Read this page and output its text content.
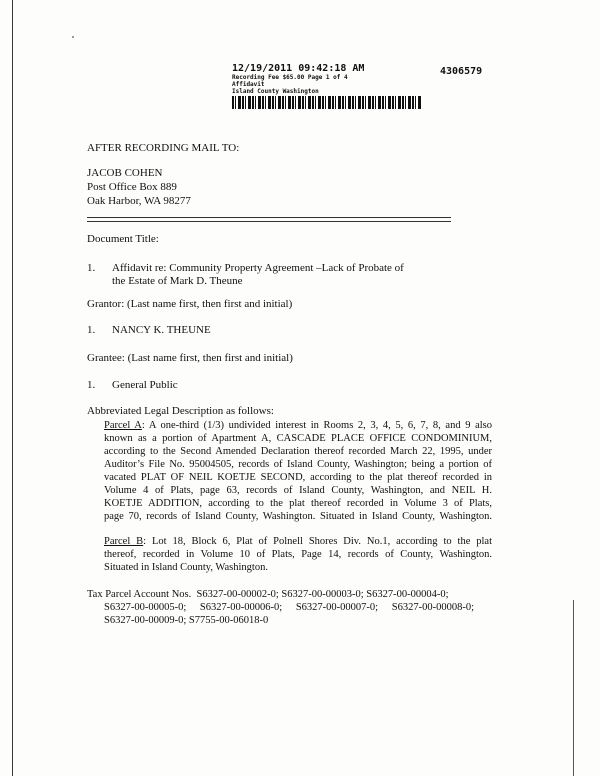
12/19/2011 09:42:18 AM	4306579
Recording Fee $65.00 Page 1 of 4
Affidavit
Island County Washington
AFTER RECORDING MAIL TO:
JACOB COHEN
Post Office Box 889
Oak Harbor, WA 98277
Document Title:
1. Affidavit re: Community Property Agreement –Lack of Probate of
the Estate of Mark D. Theune
Grantor: (Last name first, then first and initial)
1. NANCY K. THEUNE
Grantee: (Last name first, then first and initial)
1. General Public
Abbreviated Legal Description as follows:
Parcel A: A one-third (1/3) undivided interest in Rooms 2, 3, 4, 5, 6, 7, 8, and 9 also
known as a portion of Apartment A, CASCADE PLACE OFFICE CONDOMINIUM,
according to the Second Amended Declaration thereof recorded March 22, 1995, under
Auditor’s File No. 95004505, records of Island County, Washington; being a portion of
vacated PLAT OF NEIL KOETJE SECOND, according to the plat thereof recorded in
Volume 4 of Plats, page 63, records of Island County, Washington, and NEIL H.
KOETJE ADDITION, according to the plat thereof recorded in Volume 3 of Plats,
page 70, records of Island County, Washington. Situated in Island County, Washington.
Parcel B: Lot 18, Block 6, Plat of Polnell Shores Div. No.1, according to the plat
thereof, recorded in Volume 10 of Plats, Page 14, records of County, Washington.
Situated in Island County, Washington.
Tax Parcel Account Nos. S6327-00-00002-0; S6327-00-00003-0; S6327-00-00004-0;
S6327-00-00005-0; S6327-00-00006-0; S6327-00-00007-0; S6327-00-00008-0;
S6327-00-00009-0; S7755-00-06018-0
